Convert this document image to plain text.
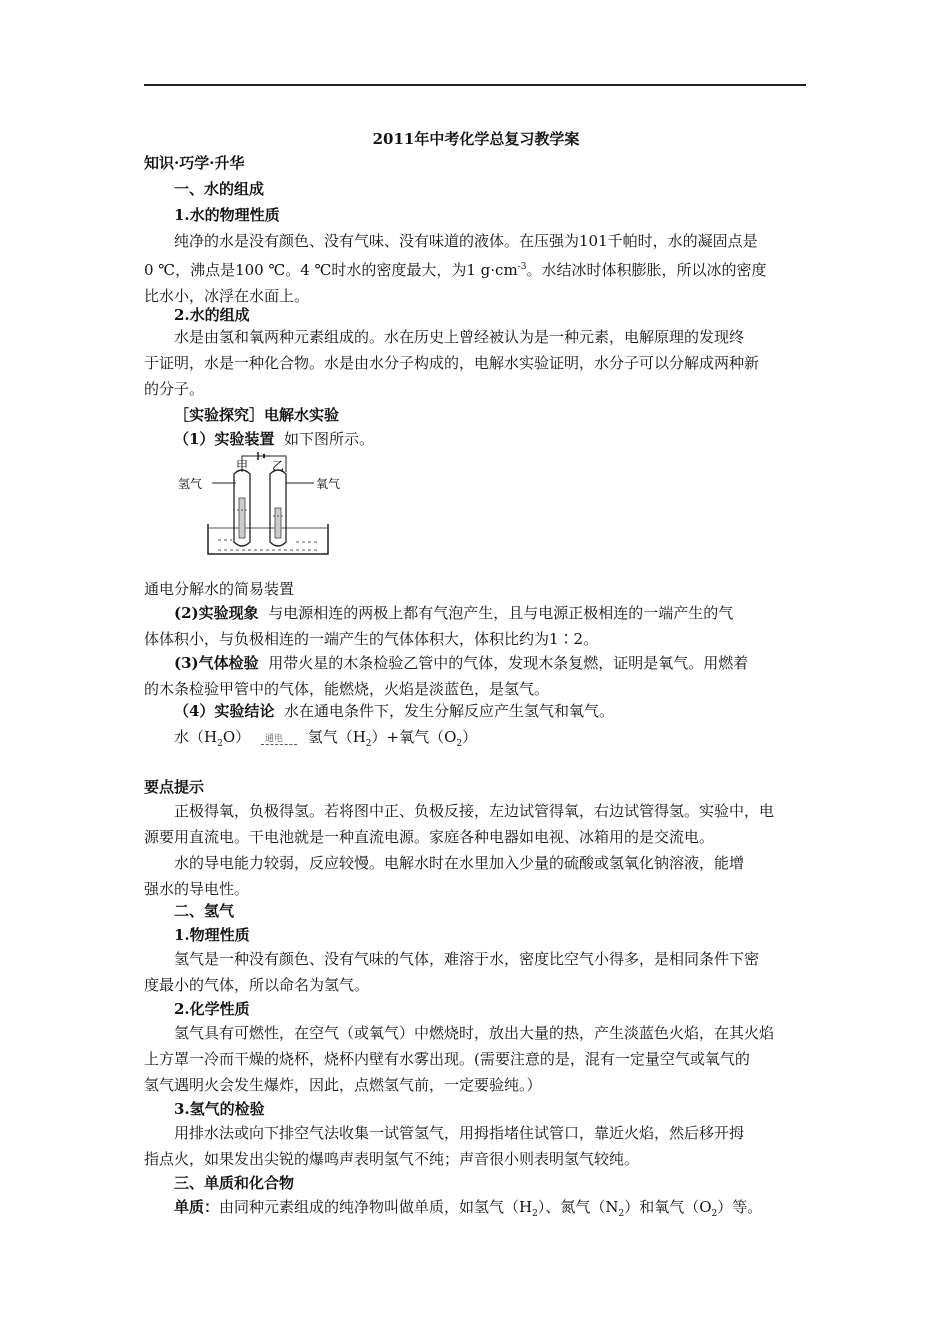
2011年中考化学总复习教学案
知识·巧学·升华
一、水的组成
1.水的物理性质
纯净的水是没有颜色、没有气味、没有味道的液体。在压强为101千帕时，水的凝固点是
0 ℃，沸点是100 ℃。4 ℃时水的密度最大，为1 $g\cdot cm^{-3}$。水结冰时体积膨胀，所以冰的密度
比水小，冰浮在水面上。
2.水的组成
水是由氢和氧两种元素组成的。水在历史上曾经被认为是一种元素，电解原理的发现终
于证明，水是一种化合物。水是由水分子构成的，电解水实验证明，水分子可以分解成两种新
的分子。
［实验探究］电解水实验
（1）实验装置 如下图所示。
氢气	氧气
甲 乙
通电分解水的简易装置
(2)实验现象 与电源相连的两极上都有气泡产生，且与电源正极相连的一端产生的气
体体积小，与负极相连的一端产生的气体体积大，体积比约为1∶2。
(3)气体检验 用带火星的木条检验乙管中的气体，发现木条复燃，证明是氧气。用燃着
的木条检验甲管中的气体，能燃烧，火焰是淡蓝色，是氢气。
（4）实验结论 水在通电条件下，发生分解反应产生氢气和氧气。
水$(H_2O)$ 通电 氢气$(H_2)+$氧气$(O_2)$
要点提示
正极得氧，负极得氢。若将图中正、负极反接，左边试管得氧，右边试管得氢。实验中，电
源要用直流电。干电池就是一种直流电源。家庭各种电器如电视、冰箱用的是交流电。
水的导电能力较弱，反应较慢。电解水时在水里加入少量的硫酸或氢氧化钠溶液，能增
强水的导电性。
二、氢气
1.物理性质
氢气是一种没有颜色、没有气味的气体，难溶于水，密度比空气小得多，是相同条件下密
度最小的气体，所以命名为氢气。
2.化学性质
氢气具有可燃性，在空气（或氧气）中燃烧时，放出大量的热，产生淡蓝色火焰，在其火焰
上方罩一冷而干燥的烧杯，烧杯内壁有水雾出现。(需要注意的是，混有一定量空气或氧气的
氢气遇明火会发生爆炸，因此，点燃氢气前，一定要验纯。）
3.氢气的检验
用排水法或向下排空气法收集一试管氢气，用拇指堵住试管口，靠近火焰，然后移开拇
指点火，如果发出尖锐的爆鸣声表明氢气不纯；声音很小则表明氢气较纯。
三、单质和化合物
单质：由同种元素组成的纯净物叫做单质，如氢气$(H_2)$、氮气$(N_2)$和氧气$(O_2)$等。
